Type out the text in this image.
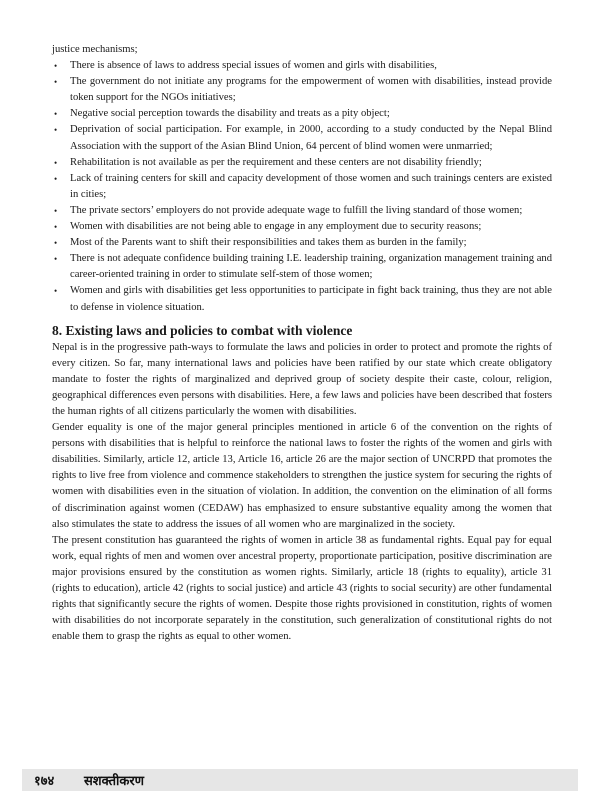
justice mechanisms;

• There is absence of laws to address special issues of women and girls with disabilities,
• The government do not initiate any programs for the empowerment of women with disabilities, instead provide token support for the NGOs initiatives;
• Negative social perception towards the disability and treats as a pity object;
• Deprivation of social participation. For example, in 2000, according to a study conducted by the Nepal Blind Association with the support of the Asian Blind Union, 64 percent of blind women were unmarried;
• Rehabilitation is not available as per the requirement and these centers are not disability friendly;
• Lack of training centers for skill and capacity development of those women and such trainings centers are existed in cities;
• The private sectors’ employers do not provide adequate wage to fulfill the living standard of those women;
• Women with disabilities are not being able to engage in any employment due to security reasons;
• Most of the Parents want to shift their responsibilities and takes them as burden in the family;
• There is not adequate confidence building training I.E. leadership training, organization management training and career-oriented training in order to stimulate self-stem of those women;
• Women and girls with disabilities get less opportunities to participate in fight back training, thus they are not able to defense in violence situation.
8. Existing laws and policies to combat with violence

Nepal is in the progressive path-ways to formulate the laws and policies in order to protect and promote the rights of every citizen. So far, many international laws and policies have been ratified by our state which create obligatory mandate to foster the rights of marginalized and deprived group of society despite their caste, colour, religion, geographical differences even persons with disabilities. Here, a few laws and policies have been described that fosters the human rights of all citizens particularly the women with disabilities.

Gender equality is one of the major general principles mentioned in article 6 of the convention on the rights of persons with disabilities that is helpful to reinforce the national laws to foster the rights of the women and girls with disabilities. Similarly, article 12, article 13, Article 16, article 26 are the major section of UNCRPD that promotes the rights to live free from violence and commence stakeholders to strengthen the justice system for securing the rights of women with disabilities even in the situation of violation. In addition, the convention on the elimination of all forms of discrimination against women (CEDAW) has emphasized to ensure substantive equality among the women that also stimulates the state to address the issues of all women who are marginalized in the society.

The present constitution has guaranteed the rights of women in article 38 as fundamental rights. Equal pay for equal work, equal rights of men and women over ancestral property, proportionate participation, positive discrimination are major provisions ensured by the constitution as women rights. Similarly, article 18 (rights to equality), article 31 (rights to education), article 42 (rights to social justice) and article 43 (rights to social security) are other fundamental rights that significantly secure the rights of women. Despite those rights provisioned in constitution, rights of women with disabilities do not incorporate separately in the constitution, such generalization of constitutional rights do not enable them to grasp the rights as equal to other women.

१७४ सशक्तीकरण
